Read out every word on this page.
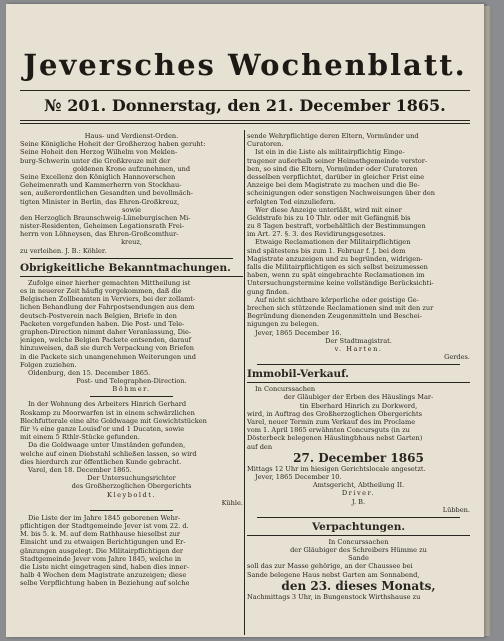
Jeversches Wochenblatt.
№ 201. Donnerstag, den 21. December 1865.
Haus- und Verdienst-Orden.
Seine Königliche Hoheit der Großherzog haben geruht:
Seine Hoheit den Herzog Wilhelm von Meklen-
burg-Schwerin unter die Großkreuze mit der
goldenen Krone aufzunehmen, und
Seine Excellenz den Königlich Hannoverschen
Geheimenrath und Kammerherrn von Stockhau-
sen, außerordentlichen Gesandten und bevollmäch-
tigten Minister in Berlin, das Ehren-Großkreuz,
sowie
den Herzoglich Braunschweig-Lüneburgischen Mi-
nister-Residenten, Geheimen Legationsrath Frei-
herrn von Löhneysen, das Ehren-Großcomthur-
kreuz,
zu verleihen. J. B.: Köhler.
Obrigkeitliche Bekanntmachungen.
Zufolge einer hierher gemachten Mittheilung ist
es in neuerer Zeit häufig vorgekommen, daß die
Belgischen Zollbeamten in Verviers, bei der zollamt-
lichen Behandlung der Fahrpostsendungen aus dem
deutsch-Postverein nach Belgien, Briefe in den
Packeten vorgefunden haben. Die Post- und Tele-
graphen-Direction nimmt daher Veranlassung, Die-
jenigen, welche Belgien Packete entsenden, darauf
hinzuweisen, daß sie durch Verpackung von Briefen
in die Packete sich unangenehmen Weiterungen und
Folgen zuziehen.
Oldenburg, den 15. December 1865.
Post- und Telegraphen-Direction.
Böhmer.
In der Wohnung des Arbeiters Hinrich Gerhard
Roskamp zu Moorwarfen ist in einem schwärzlichen
Blechfutterale eine alte Goldwaage mit Gewichtstücken
für ¼ eine ganze Louisd'or und 1 Ducaten, sowie
mit einem 5 Rthlr-Stücke gefunden.
Da die Goldwaage unter Umständen gefunden,
welche auf einen Diebstahl schließen lassen, so wird
dies hierdurch zur öffentlichen Kunde gebracht.
Varel, den 18. December 1865.
Der Untersuchungsrichter
des Großherzoglichen Obergerichts
Kleyboldt.
Kühle.
Die Liste der im Jahre 1845 geborenen Wehr-
pflichtigen der Stadtgemeinde Jever ist vom 22. d.
M. bis 5. k. M. auf dem Rathhause hieselbst zur
Einsicht und zu etwaigen Berichtigungen und Er-
gänzungen ausgelegt. Die Militairpflichtigen der
Stadtgemeinde Jever vom Jahre 1845, welche in
die Liste nicht eingetragen sind, haben dies inner-
halb 4 Wochen dem Magistrate anzuzeigen; diese
selbe Verpflichtung haben in Beziehung auf solche
sende Wehrpflichtige deren Eltern, Vormünder und
Curatoren.
Ist ein in die Liste als militairpflichtig Einge-
tragener außerhalb seiner Heimathgemeinde verstor-
ben, so sind die Eltern, Vormünder oder Curatoren
desselben verpflichtet, darüber in gleicher Frist eine
Anzeige bei dem Magistrate zu machen und die Be-
scheinigungen oder sonstigen Nachweisungen über den
erfolgten Tod einzuliefern.
Wer diese Anzeige unterläßt, wird mit einer
Geldstrafe bis zu 10 Thlr. oder mit Gefängniß bis
zu 8 Tagen bestraft, vorbehältlich der Bestimmungen
im Art. 27. §. 3. des Revidirungsgesetzes.
Etwaige Reclamationen der Militairpflichtigen
sind spätestens bis zum 1. Februar f. J. bei dem
Magistrate anzuzeigen und zu begründen, widrigen-
falls die Militairpflichtigen es sich selbst beizumessen
haben, wenn zu spät eingebrachte Reclamationen im
Untersuchungstermine keine vollständige Berücksichti-
gung finden.
Auf nicht sichtbare körperliche oder geistige Ge-
brechen sich stützende Reclamationen sind mit den zur
Begründung dienenden Zeugenmitteln und Beschei-
nigungen zu belegen.
Jever, 1865 December 16.
Der Stadtmagistrat.
v. Harten.
Gerdes.
Immobil-Verkauf.
In Concurssachen
der Gläubiger der Erben des Häuslings Mar-
tin Eberhard Hinrich zu Dorkwerd,
wird, in Auftrag des Großherzoglichen Obergerichts
Varel, neuer Termin zum Verkauf des im Proclame
vom 1. April 1865 erwähnten Concursguts (in zu
Dösterbeck belegenen Häuslingbhaus nebst Garten)
auf den
27. December 1865
Mittags 12 Uhr im hiesigen Gerichtslocale angesetzt.
Jever, 1865 December 10.
Amtsgericht, Abtheilung II.
Driver.
J. B.
Lübben.
Verpachtungen.
In Concurssachen
der Gläubiger des Schreibers Hümme zu
Sande
soll das zur Masse gehörige, an der Chaussee bei
Sande belegene Haus nebst Garten am Sonnabend,
den 23. dieses Monats,
Nachmittags 3 Uhr, in Bungenstock Wirthshause zu
